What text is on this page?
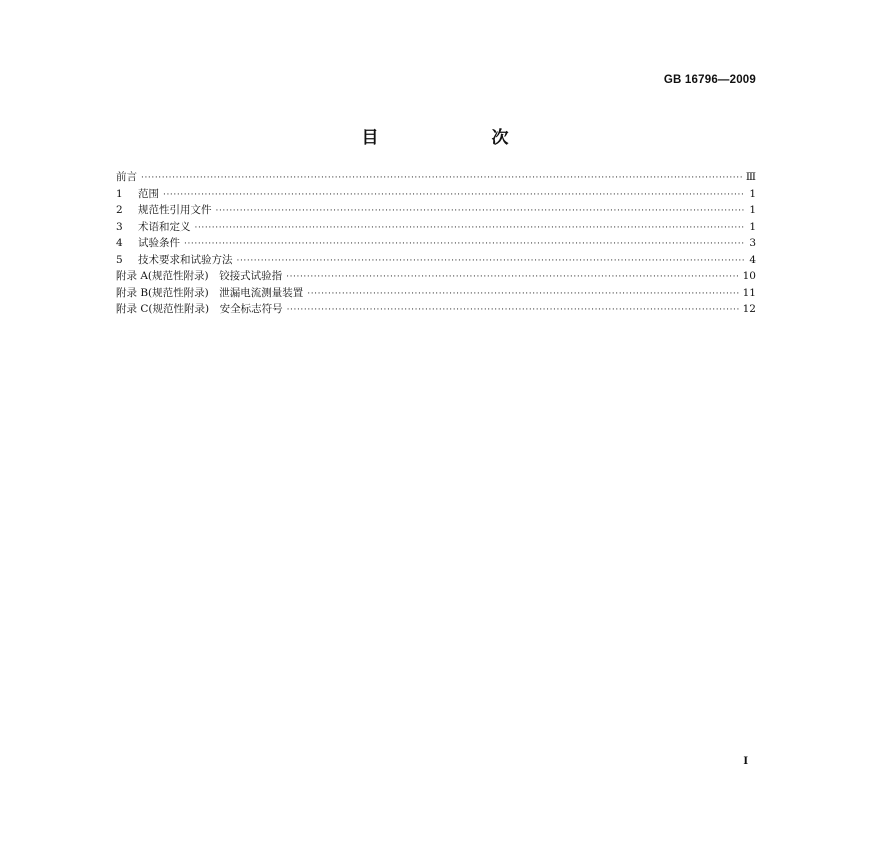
GB 16796—2009
目　次
前言 ·····	Ⅲ
1 范围 ·····	1
2 规范性引用文件 ·····	1
3 术语和定义 ·····	1
4 试验条件 ·····	3
5 技术要求和试验方法 ·····	4
附录 A(规范性附录)　铰接式试验指 ·····	10
附录 B(规范性附录)　泄漏电流测量装置 ·····	11
附录 C(规范性附录)　安全标志符号 ·····	12
I
